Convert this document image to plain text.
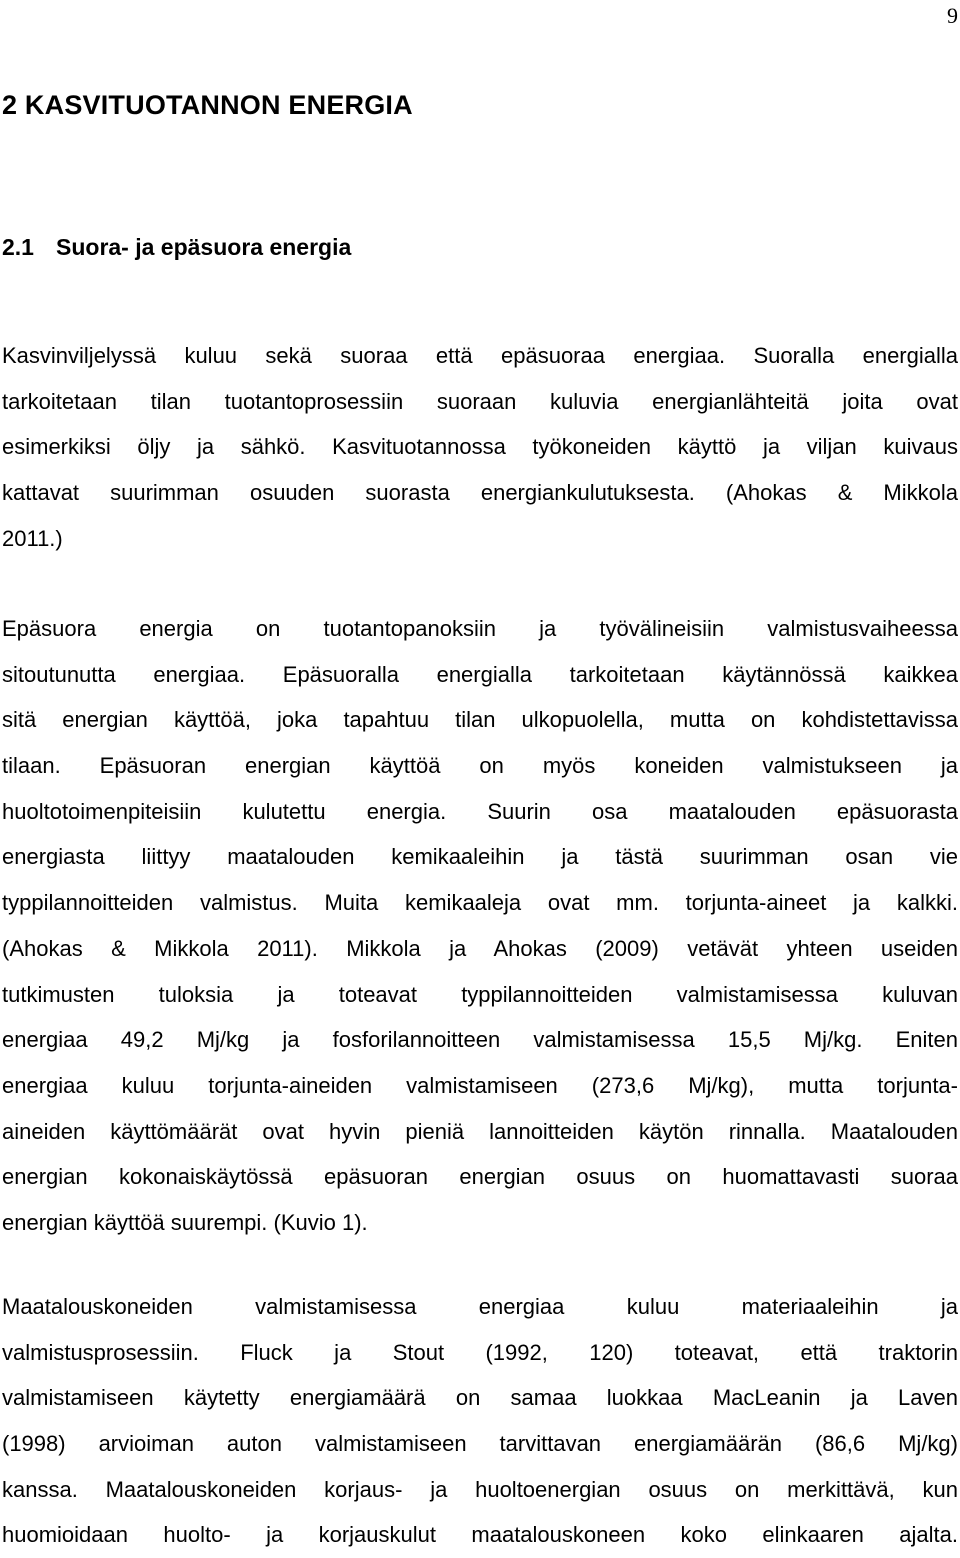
9
2 KASVITUOTANNON ENERGIA
2.1 Suora- ja epäsuora energia
Kasvinviljelyssä kuluu sekä suoraa että epäsuoraa energiaa. Suoralla energialla
tarkoitetaan tilan tuotantoprosessiin suoraan kuluvia energianlähteitä joita ovat
esimerkiksi öljy ja sähkö. Kasvituotannossa työkoneiden käyttö ja viljan kuivaus
kattavat suurimman osuuden suorasta energiankulutuksesta. (Ahokas & Mikkola
2011.)
Epäsuora energia on tuotantopanoksiin ja työvälineisiin valmistusvaiheessa
sitoutunutta energiaa. Epäsuoralla energialla tarkoitetaan käytännössä kaikkea
sitä energian käyttöä, joka tapahtuu tilan ulkopuolella, mutta on kohdistettavissa
tilaan. Epäsuoran energian käyttöä on myös koneiden valmistukseen ja
huoltotoimenpiteisiin kulutettu energia. Suurin osa maatalouden epäsuorasta
energiasta liittyy maatalouden kemikaaleihin ja tästä suurimman osan vie
typpilannoitteiden valmistus. Muita kemikaaleja ovat mm. torjunta-aineet ja kalkki.
(Ahokas & Mikkola 2011). Mikkola ja Ahokas (2009) vetävät yhteen useiden
tutkimusten tuloksia ja toteavat typpilannoitteiden valmistamisessa kuluvan
energiaa 49,2 Mj/kg ja fosforilannoitteen valmistamisessa 15,5 Mj/kg. Eniten
energiaa kuluu torjunta-aineiden valmistamiseen (273,6 Mj/kg), mutta torjunta-
aineiden käyttömäärät ovat hyvin pieniä lannoitteiden käytön rinnalla. Maatalouden
energian kokonaiskäytössä epäsuoran energian osuus on huomattavasti suoraa
energian käyttöä suurempi. (Kuvio 1).
Maatalouskoneiden valmistamisessa energiaa kuluu materiaaleihin ja
valmistusprosessiin. Fluck ja Stout (1992, 120) toteavat, että traktorin
valmistamiseen käytetty energiamäärä on samaa luokkaa MacLeanin ja Laven
(1998) arvioiman auton valmistamiseen tarvittavan energiamäärän (86,6 Mj/kg)
kanssa. Maatalouskoneiden korjaus- ja huoltoenergian osuus on merkittävä, kun
huomioidaan huolto- ja korjauskulut maatalouskoneen koko elinkaaren ajalta.
